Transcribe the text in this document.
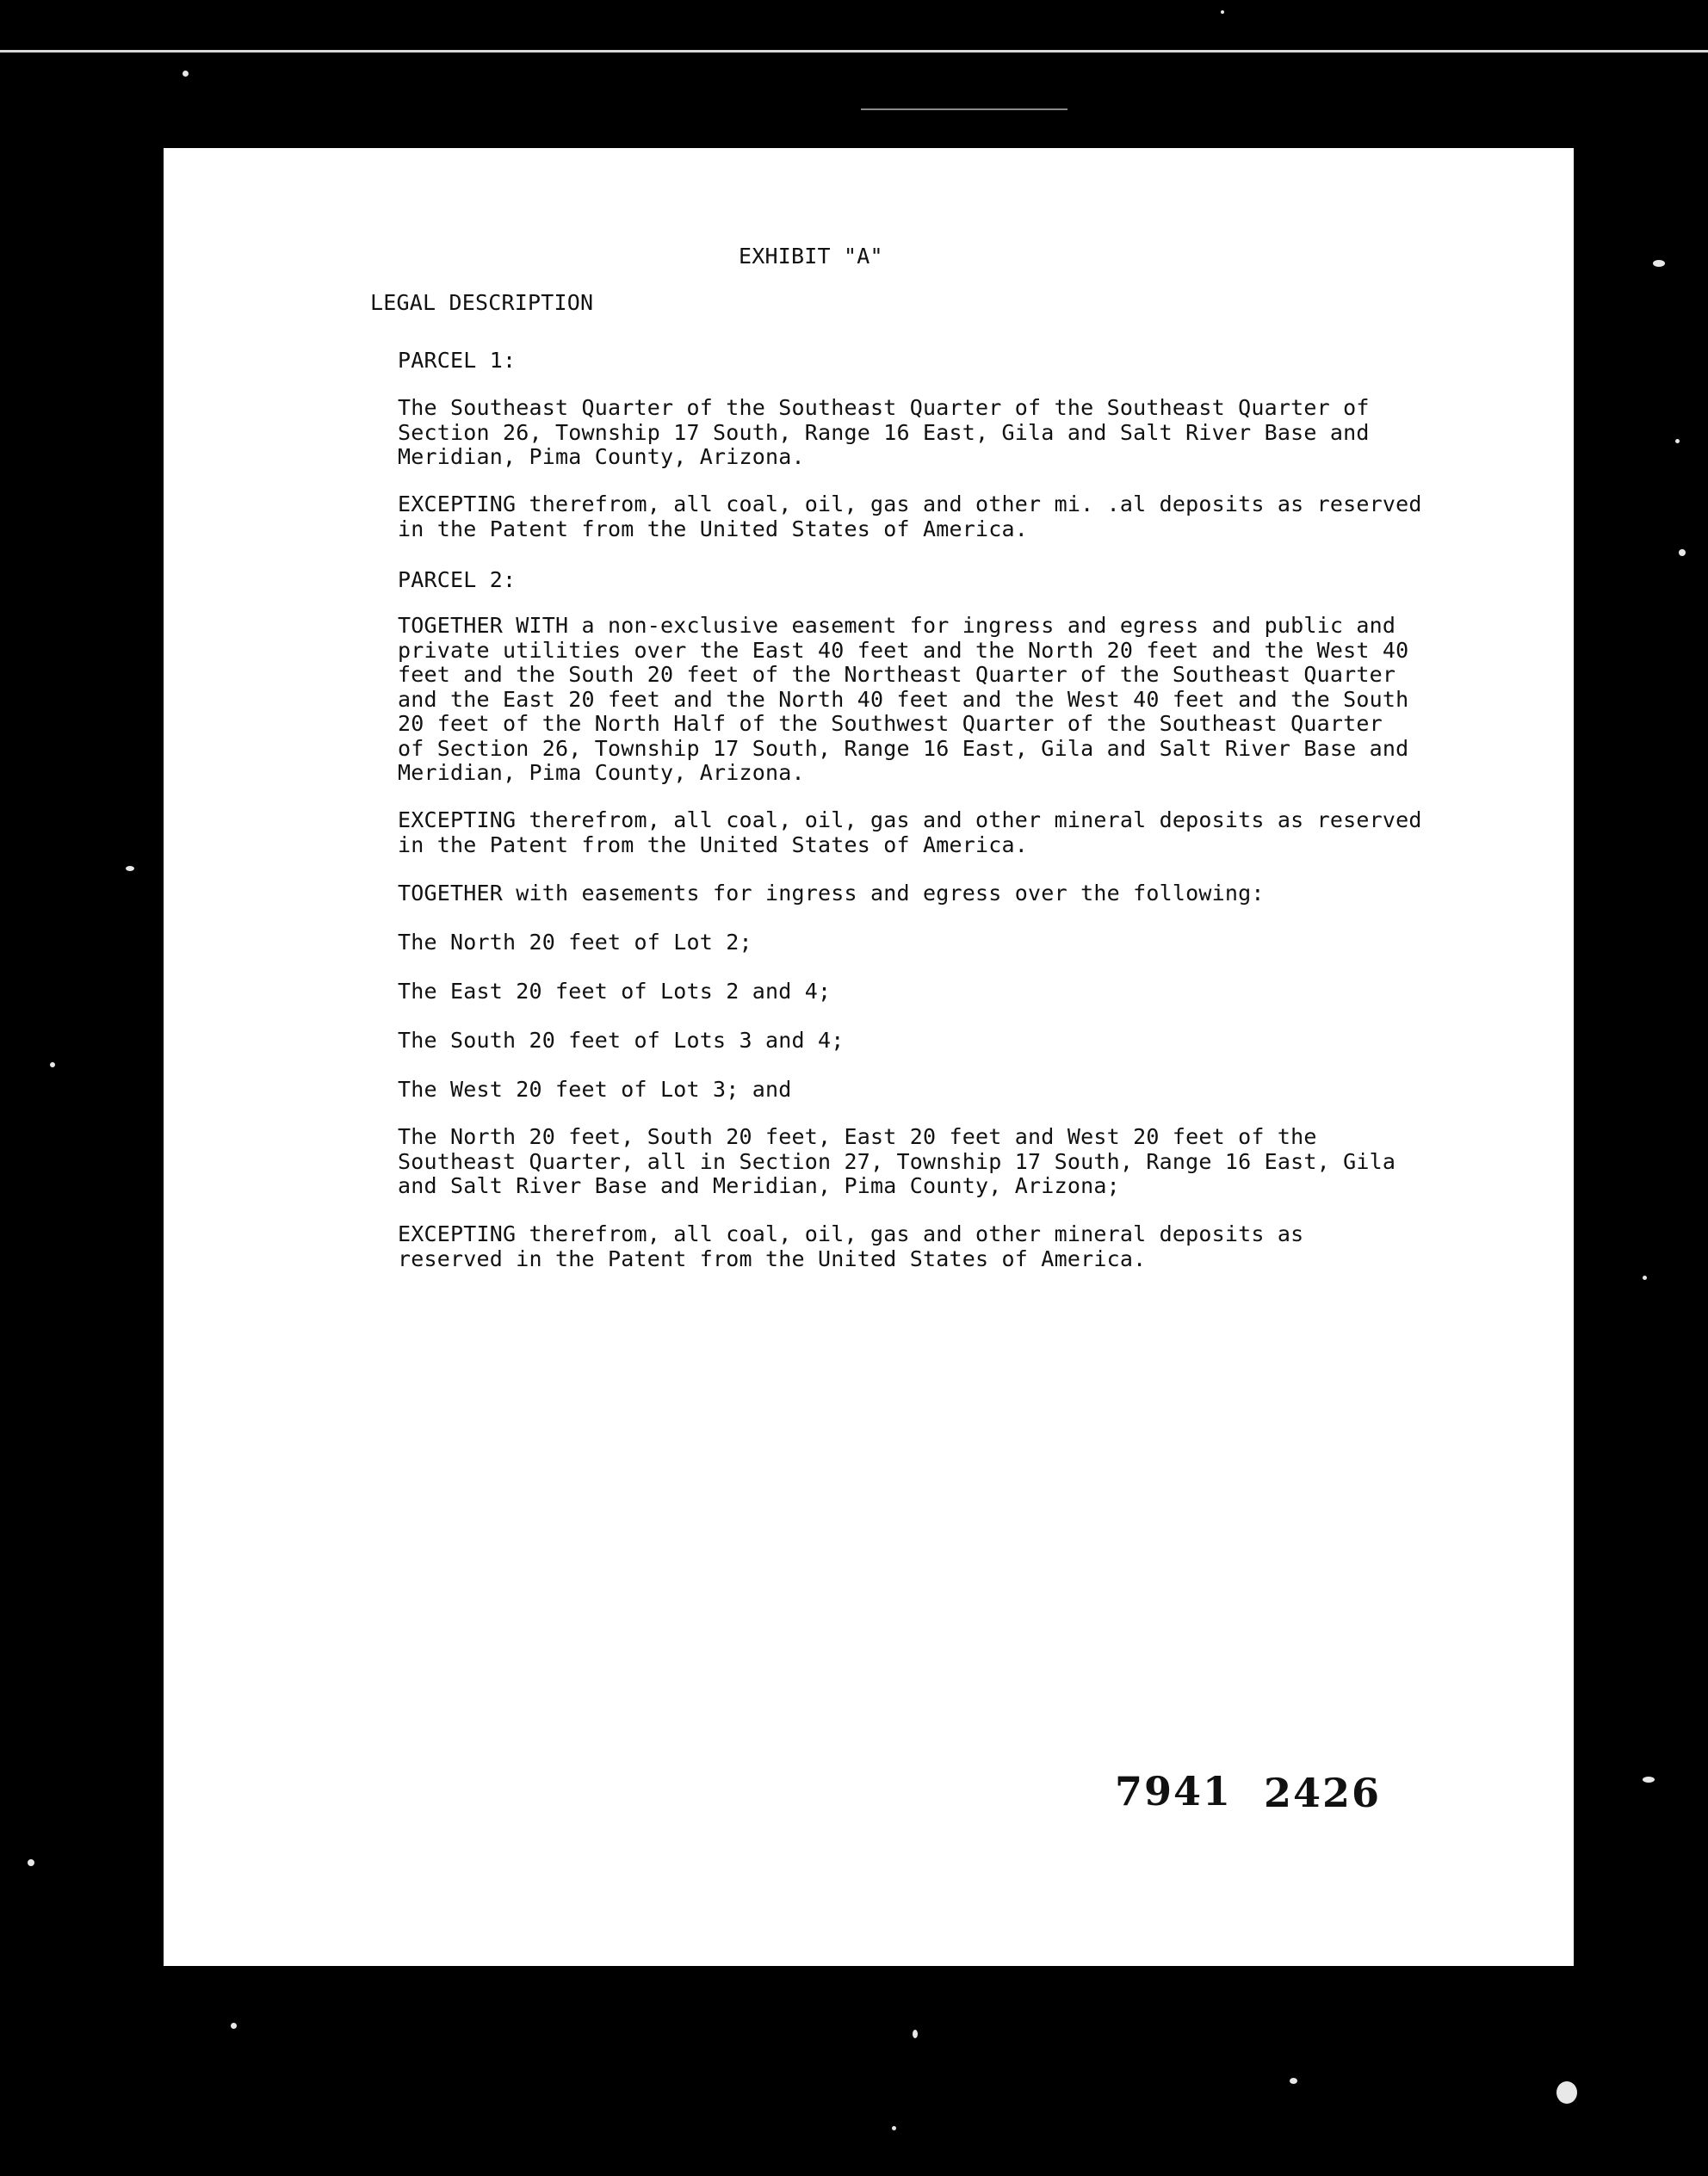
EXHIBIT "A"
LEGAL DESCRIPTION
PARCEL 1:
The Southeast Quarter of the Southeast Quarter of the Southeast Quarter of
Section 26, Township 17 South, Range 16 East, Gila and Salt River Base and
Meridian, Pima County, Arizona.
EXCEPTING therefrom, all coal, oil, gas and other mi. .al deposits as reserved
in the Patent from the United States of America.
PARCEL 2:
TOGETHER WITH a non-exclusive easement for ingress and egress and public and
private utilities over the East 40 feet and the North 20 feet and the West 40
feet and the South 20 feet of the Northeast Quarter of the Southeast Quarter
and the East 20 feet and the North 40 feet and the West 40 feet and the South
20 feet of the North Half of the Southwest Quarter of the Southeast Quarter
of Section 26, Township 17 South, Range 16 East, Gila and Salt River Base and
Meridian, Pima County, Arizona.
EXCEPTING therefrom, all coal, oil, gas and other mineral deposits as reserved
in the Patent from the United States of America.
TOGETHER with easements for ingress and egress over the following:
The North 20 feet of Lot 2;
The East 20 feet of Lots 2 and 4;
The South 20 feet of Lots 3 and 4;
The West 20 feet of Lot 3; and
The North 20 feet, South 20 feet, East 20 feet and West 20 feet of the
Southeast Quarter, all in Section 27, Township 17 South, Range 16 East, Gila
and Salt River Base and Meridian, Pima County, Arizona;
EXCEPTING therefrom, all coal, oil, gas and other mineral deposits as
reserved in the Patent from the United States of America.
7941 2426
